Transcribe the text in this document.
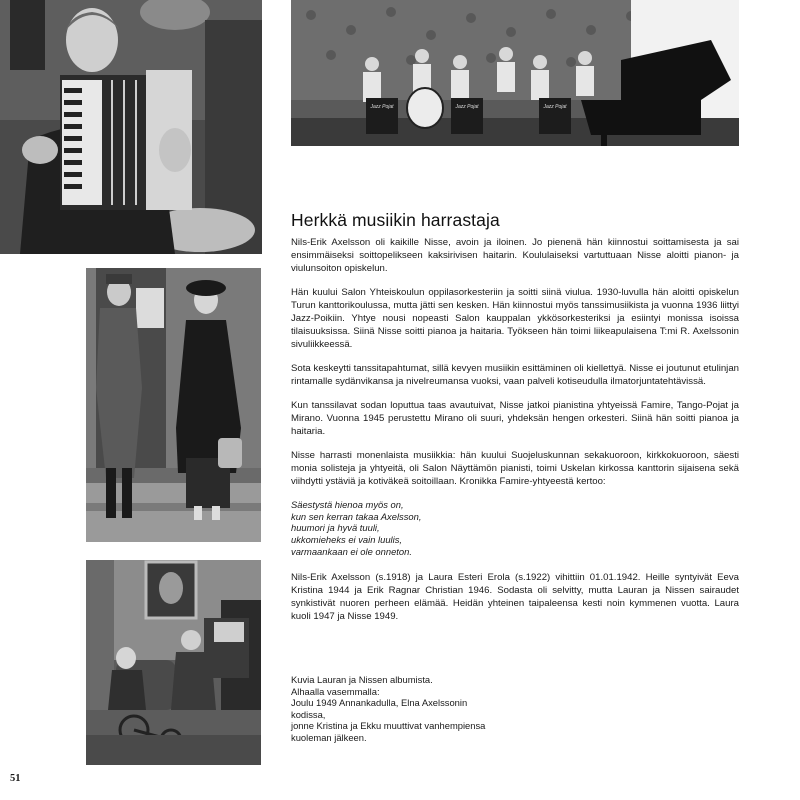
Jazz Pojat	Jazz Pojat	Jazz Pojat
Herkkä musiikin harrastaja

Nils-Erik Axelsson oli kaikille Nisse, avoin ja iloinen. Jo pienenä hän kiinnostui soittamisesta ja sai ensimmäiseksi soittopelikseen kaksirivisen haitarin. Koululaiseksi vartuttuaan Nisse aloitti pianon- ja viulunsoiton opiskelun.

Hän kuului Salon Yhteiskoulun oppilasorkesteriin ja soitti siinä viulua. 1930-luvulla hän aloitti opiskelun Turun kanttorikoulussa, mutta jätti sen kesken. Hän kiinnostui myös tanssimusiikista ja vuonna 1936 liittyi Jazz-Poikiin. Yhtye nousi nopeasti Salon kauppalan ykkösorkesteriksi ja esiintyi monissa isoissa tilaisuuksissa. Siinä Nisse soitti pianoa ja haitaria. Työkseen hän toimi liikeapulaisena T:mi R. Axelssonin sivuliikkeessä.

Sota keskeytti tanssitapahtumat, sillä kevyen musiikin esittäminen oli kiellettyä. Nisse ei joutunut etulinjan rintamalle sydänvikansa ja nivelreumansa vuoksi, vaan palveli kotiseudulla ilmatorjuntatehtävissä.

Kun tanssilavat sodan loputtua taas avautuivat, Nisse jatkoi pianistina yhtyeissä Famire, Tango-Pojat ja Mirano. Vuonna 1945 perustettu Mirano oli suuri, yhdeksän hengen orkesteri. Siinä hän soitti pianoa ja haitaria.

Nisse harrasti monenlaista musiikkia: hän kuului Suojeluskunnan sekakuoroon, kirkkokuoroon, säesti monia solisteja ja yhtyeitä, oli Salon Näyttämön pianisti, toimi Uskelan kirkossa kanttorin sijaisena sekä viihdytti ystäviä ja kotiväkeä soitoillaan. Kronikka Famire-yhtyeestä kertoo:

Säestystä hienoa myös on,
kun sen kerran takaa Axelsson,
huumori ja hyvä tuuli,
ukkomieheks ei vain luulis,
varmaankaan ei ole onneton.

Nils-Erik Axelsson (s.1918) ja Laura Esteri Erola (s.1922) vihittiin 01.01.1942. Heille syntyivät Eeva Kristina 1944 ja Erik Ragnar Christian 1946. Sodasta oli selvitty, mutta Lauran ja Nissen sairaudet synkistivät nuoren perheen elämää. Heidän yhteinen taipaleensa kesti noin kymmenen vuotta. Laura kuoli 1947 ja Nisse 1949.

Kuvia Lauran ja Nissen albumista.
Alhaalla vasemmalla:
Joulu 1949 Annankadulla, Elna Axelssonin kodissa,
jonne Kristina ja Ekku muuttivat vanhempiensa
kuoleman jälkeen.
51
